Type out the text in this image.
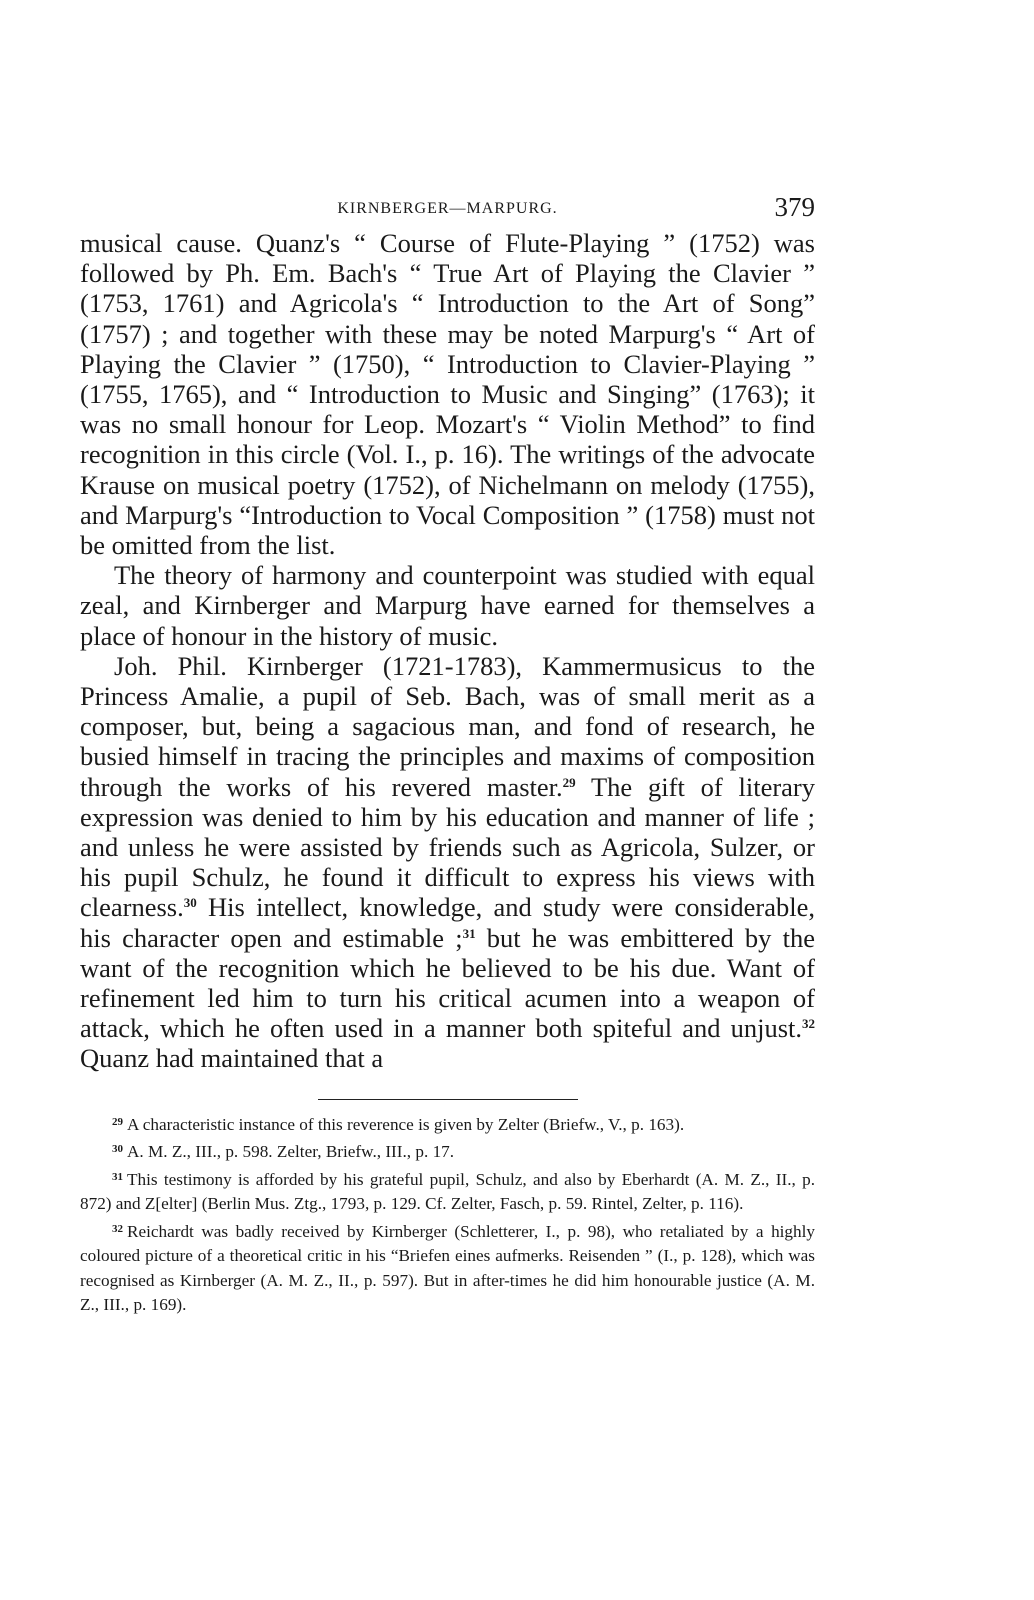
KIRNBERGER—MARPURG.	379

musical cause. Quanz's “ Course of Flute-Playing ” (1752) was followed by Ph. Em. Bach's “ True Art of Playing the Clavier ” (1753, 1761) and Agricola's “ Introduction to the Art of Song” (1757) ; and together with these may be noted Marpurg's “ Art of Playing the Clavier ” (1750), “ Introduction to Clavier-Playing ” (1755, 1765), and “ Introduction to Music and Singing” (1763); it was no small honour for Leop. Mozart's “ Violin Method” to find recognition in this circle (Vol. I., p. 16). The writings of the advocate Krause on musical poetry (1752), of Nichelmann on melody (1755), and Marpurg's “Introduction to Vocal Composition ” (1758) must not be omitted from the list.

The theory of harmony and counterpoint was studied with equal zeal, and Kirnberger and Marpurg have earned for themselves a place of honour in the history of music.

Joh. Phil. Kirnberger (1721-1783), Kammermusicus to the Princess Amalie, a pupil of Seb. Bach, was of small merit as a composer, but, being a sagacious man, and fond of research, he busied himself in tracing the principles and maxims of composition through the works of his revered master.$^{29}$ The gift of literary expression was denied to him by his education and manner of life ; and unless he were assisted by friends such as Agricola, Sulzer, or his pupil Schulz, he found it difficult to express his views with clearness.$^{30}$ His intellect, knowledge, and study were considerable, his character open and estimable ;$^{31}$ but he was embittered by the want of the recognition which he believed to be his due. Want of refinement led him to turn his critical acumen into a weapon of attack, which he often used in a manner both spiteful and unjust.$^{32}$ Quanz had maintained that a

$^{29}$ A characteristic instance of this reverence is given by Zelter (Briefw., V., p. 163).

$^{30}$ A. M. Z., III., p. 598. Zelter, Briefw., III., p. 17.

$^{31}$ This testimony is afforded by his grateful pupil, Schulz, and also by Eberhardt (A. M. Z., II., p. 872) and Z[elter] (Berlin Mus. Ztg., 1793, p. 129. Cf. Zelter, Fasch, p. 59. Rintel, Zelter, p. 116).

$^{32}$ Reichardt was badly received by Kirnberger (Schletterer, I., p. 98), who retaliated by a highly coloured picture of a theoretical critic in his “Briefen eines aufmerks. Reisenden ” (I., p. 128), which was recognised as Kirnberger (A. M. Z., II., p. 597). But in after-times he did him honourable justice (A. M. Z., III., p. 169).
